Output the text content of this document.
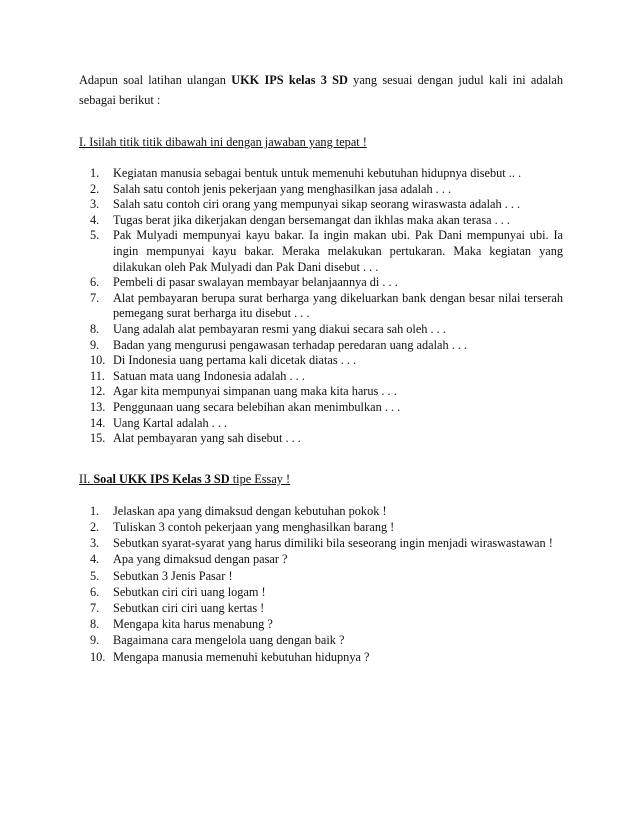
Adapun soal latihan ulangan UKK IPS kelas 3 SD yang sesuai dengan judul kali ini adalah sebagai berikut :

I. Isilah titik titik dibawah ini dengan jawaban yang tepat !
1.	Kegiatan manusia sebagai bentuk untuk memenuhi kebutuhan hidupnya disebut .. .
2.	Salah satu contoh jenis pekerjaan yang menghasilkan jasa adalah . . .
3.	Salah satu contoh ciri orang yang mempunyai sikap seorang wiraswasta adalah . . .
4.	Tugas berat jika dikerjakan dengan bersemangat dan ikhlas maka akan terasa . . .
5.	Pak Mulyadi mempunyai kayu bakar. Ia ingin makan ubi. Pak Dani mempunyai ubi. Ia ingin mempunyai kayu bakar. Meraka melakukan pertukaran. Maka kegiatan yang dilakukan oleh Pak Mulyadi dan Pak Dani disebut . . .
6.	Pembeli di pasar swalayan membayar belanjaannya di . . .
7.	Alat pembayaran berupa surat berharga yang dikeluarkan bank dengan besar nilai terserah pemegang surat berharga itu disebut . . .
8.	Uang adalah alat pembayaran resmi yang diakui secara sah oleh . . .
9.	Badan yang mengurusi pengawasan terhadap peredaran uang adalah . . .
10. Di Indonesia uang pertama kali dicetak diatas . . .
11. Satuan mata uang Indonesia adalah . . .
12. Agar kita mempunyai simpanan uang maka kita harus . . .
13. Penggunaan uang secara belebihan akan menimbulkan . . .
14. Uang Kartal adalah . . .
15. Alat pembayaran yang sah disebut . . .
II. Soal UKK IPS Kelas 3 SD tipe Essay !
1.	Jelaskan apa yang dimaksud dengan kebutuhan pokok !
2.	Tuliskan 3 contoh pekerjaan yang menghasilkan barang !
3.	Sebutkan syarat-syarat yang harus dimiliki bila seseorang ingin menjadi wiraswastawan !
4.	Apa yang dimaksud dengan pasar ?
5.	Sebutkan 3 Jenis Pasar !
6.	Sebutkan ciri ciri uang logam !
7.	Sebutkan ciri ciri uang kertas !
8.	Mengapa kita harus menabung ?
9.	Bagaimana cara mengelola uang dengan baik ?
10. Mengapa manusia memenuhi kebutuhan hidupnya ?
